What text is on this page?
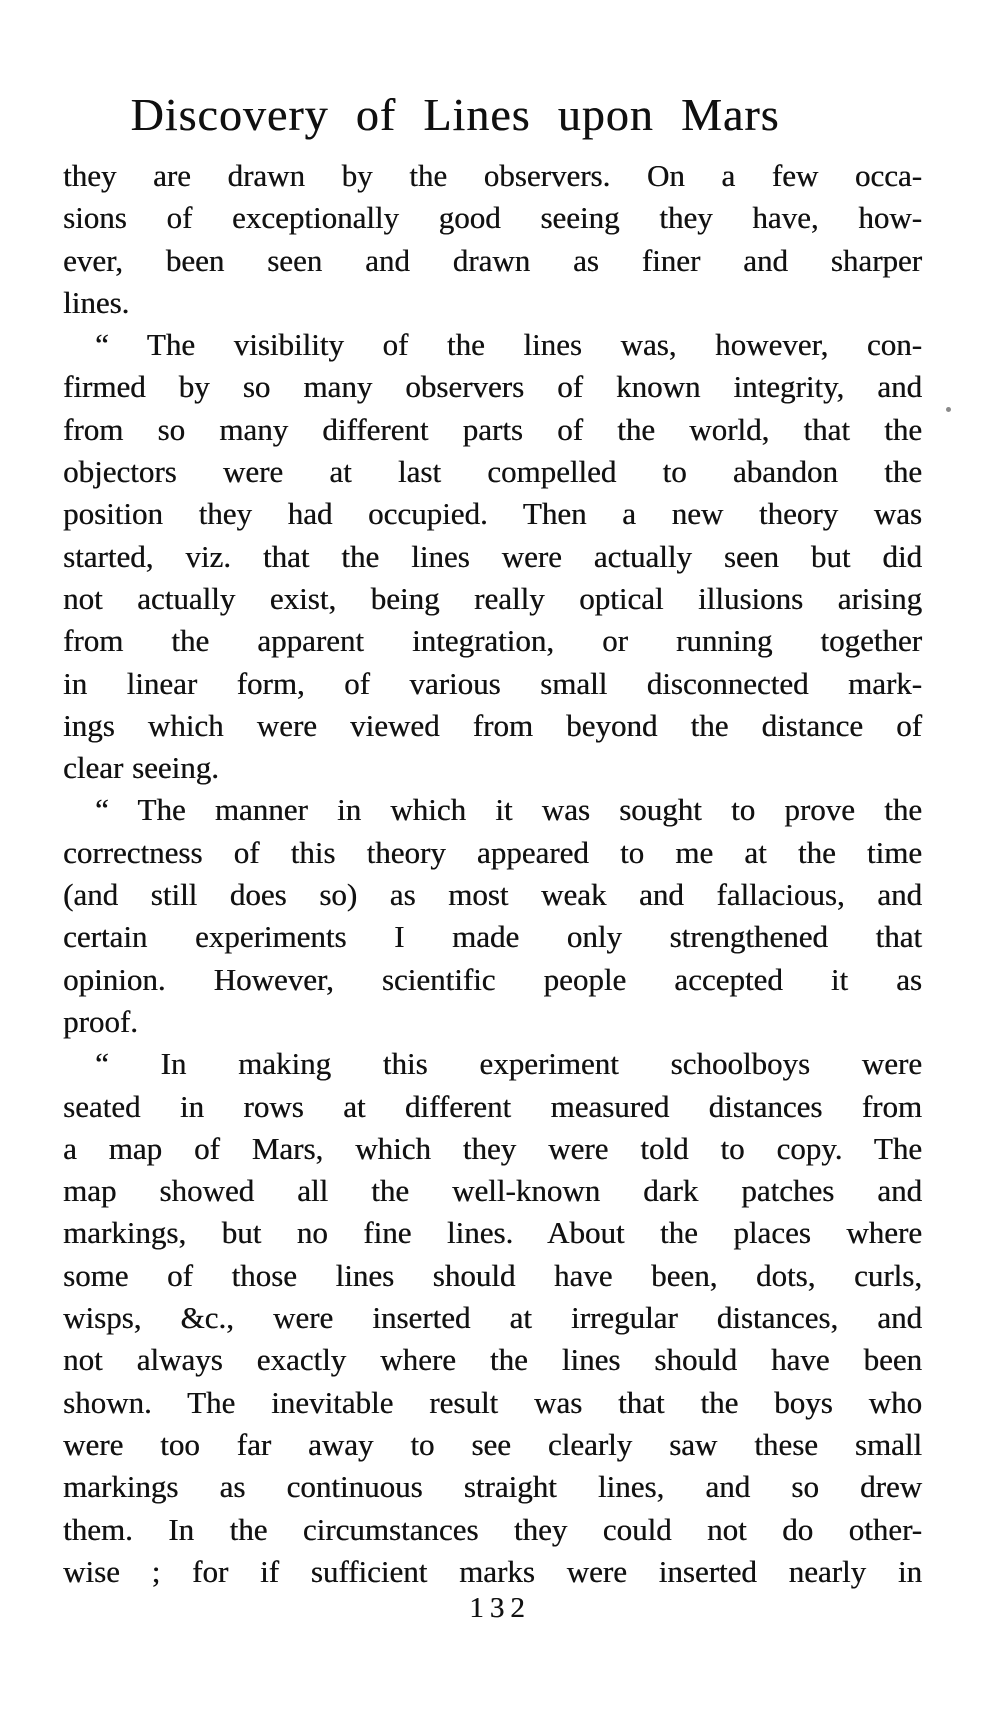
Discovery of Lines upon Mars
they are drawn by the observers. On a few occa-
sions of exceptionally good seeing they have, how-
ever, been seen and drawn as finer and sharper
lines.
“ The visibility of the lines was, however, con-
firmed by so many observers of known integrity, and
from so many different parts of the world, that the
objectors were at last compelled to abandon the
position they had occupied. Then a new theory was
started, viz. that the lines were actually seen but did
not actually exist, being really optical illusions arising
from the apparent integration, or running together
in linear form, of various small disconnected mark-
ings which were viewed from beyond the distance of
clear seeing.
“ The manner in which it was sought to prove the
correctness of this theory appeared to me at the time
(and still does so) as most weak and fallacious, and
certain experiments I made only strengthened that
opinion. However, scientific people accepted it as
proof.
“ In making this experiment schoolboys were
seated in rows at different measured distances from
a map of Mars, which they were told to copy. The
map showed all the well-known dark patches and
markings, but no fine lines. About the places where
some of those lines should have been, dots, curls,
wisps, &c., were inserted at irregular distances, and
not always exactly where the lines should have been
shown. The inevitable result was that the boys who
were too far away to see clearly saw these small
markings as continuous straight lines, and so drew
them. In the circumstances they could not do other-
wise ; for if sufficient marks were inserted nearly in
132
